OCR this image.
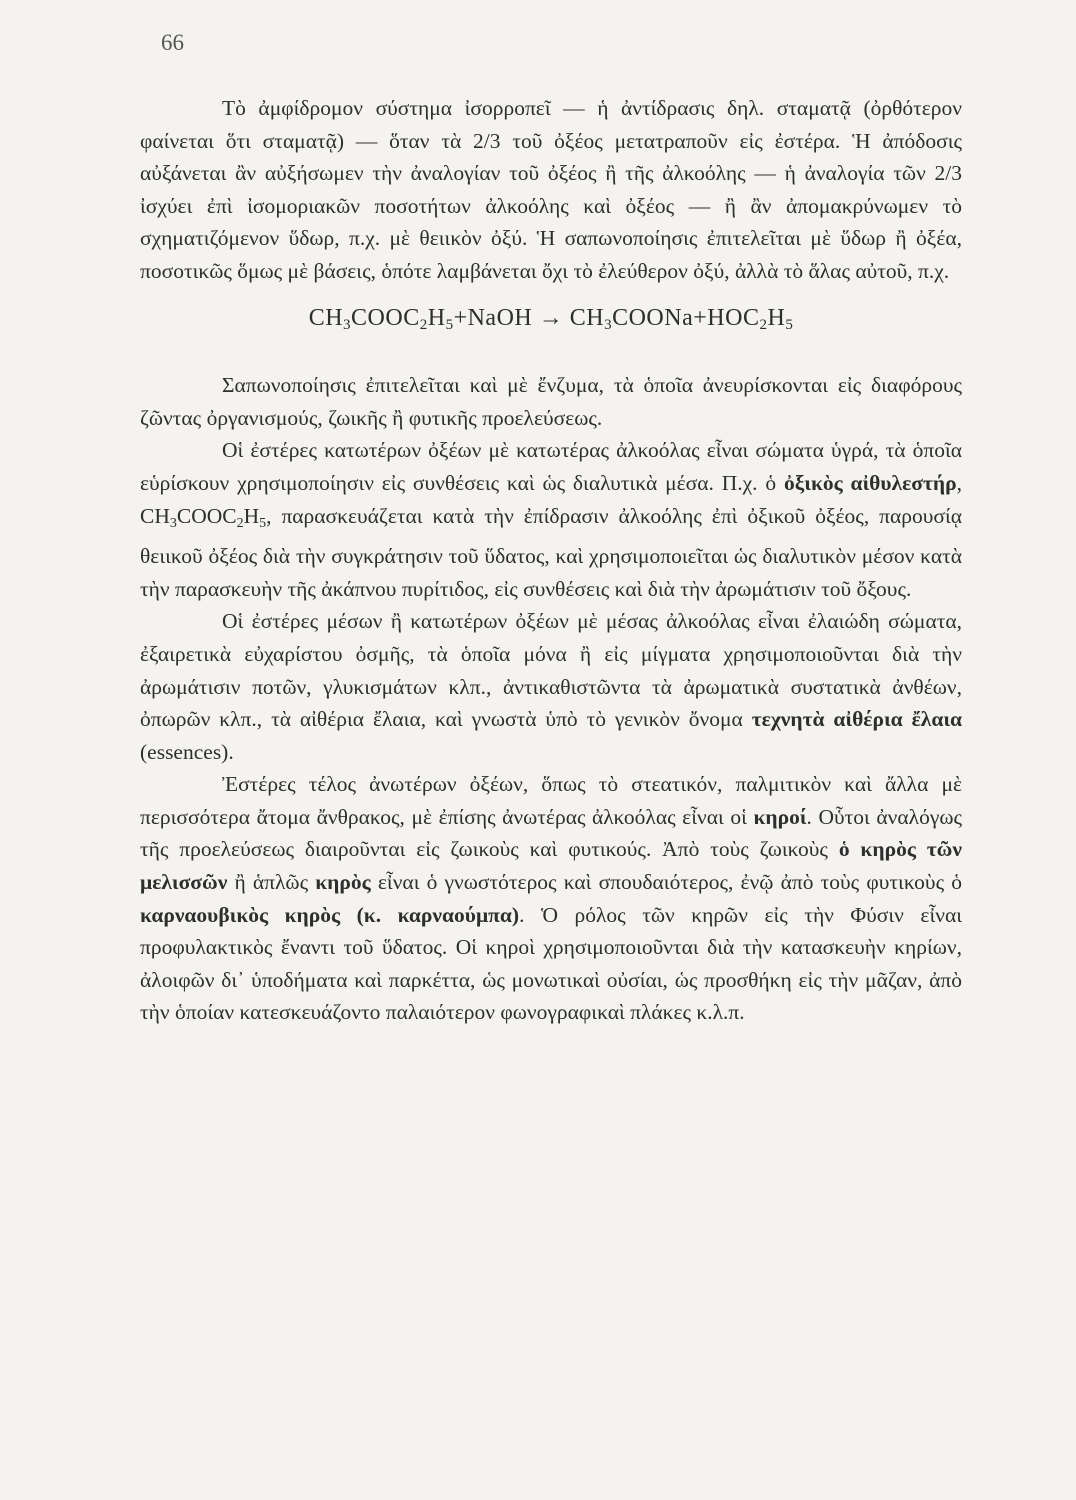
66

Τὸ ἀμφίδρομον σύστημα ἰσορροπεῖ — ἡ ἀντίδρασις δηλ. σταματᾷ (ὀρθότερον φαίνεται ὅτι σταματᾷ) — ὅταν τὰ 2/3 τοῦ ὀξέος μετατραποῦν εἰς ἐστέρα. Ἡ ἀπόδοσις αὐξάνεται ἂν αὐξήσωμεν τὴν ἀναλογίαν τοῦ ὀξέος ἢ τῆς ἀλκοόλης — ἡ ἀναλογία τῶν 2/3 ἰσχύει ἐπὶ ἰσομοριακῶν ποσοτήτων ἀλκοόλης καὶ ὀξέος — ἢ ἂν ἀπομακρύνωμεν τὸ σχηματιζόμενον ὕδωρ, π.χ. μὲ θειικὸν ὀξύ. Ἡ σαπωνοποίησις ἐπιτελεῖται μὲ ὕδωρ ἢ ὀξέα, ποσοτικῶς ὅμως μὲ βάσεις, ὁπότε λαμβάνεται ὄχι τὸ ἐλεύθερον ὀξύ, ἀλλὰ τὸ ἅλας αὐτοῦ, π.χ.

$CH_3COOC_2H_5+NaOH$ → $CH_3COONa+HOC_2H_5$

Σαπωνοποίησις ἐπιτελεῖται καὶ μὲ ἔνζυμα, τὰ ὁποῖα ἀνευρίσκονται εἰς διαφόρους ζῶντας ὀργανισμούς, ζωικῆς ἢ φυτικῆς προελεύσεως.

Οἱ ἐστέρες κατωτέρων ὀξέων μὲ κατωτέρας ἀλκοόλας εἶναι σώματα ὑγρά, τὰ ὁποῖα εὑρίσκουν χρησιμοποίησιν εἰς συνθέσεις καὶ ὡς διαλυτικὰ μέσα. Π.χ. ὁ ὀξικὸς αἰθυλεστήρ, CH3COOC2H5, παρασκευάζεται κατὰ τὴν ἐπίδρασιν ἀλκοόλης ἐπὶ ὀξικοῦ ὀξέος, παρουσίᾳ θειικοῦ ὀξέος διὰ τὴν συγκράτησιν τοῦ ὕδατος, καὶ χρησιμοποιεῖται ὡς διαλυτικὸν μέσον κατὰ τὴν παρασκευὴν τῆς ἀκάπνου πυρίτιδος, εἰς συνθέσεις καὶ διὰ τὴν ἀρωμάτισιν τοῦ ὄξους.

Οἱ ἐστέρες μέσων ἢ κατωτέρων ὀξέων μὲ μέσας ἀλκοόλας εἶναι ἐλαιώδη σώματα, ἐξαιρετικὰ εὐχαρίστου ὀσμῆς, τὰ ὁποῖα μόνα ἢ εἰς μίγματα χρησιμοποιοῦνται διὰ τὴν ἀρωμάτισιν ποτῶν, γλυκισμάτων κλπ., ἀντικαθιστῶντα τὰ ἀρωματικὰ συστατικὰ ἀνθέων, ὀπωρῶν κλπ., τὰ αἰθέρια ἔλαια, καὶ γνωστὰ ὑπὸ τὸ γενικὸν ὄνομα τεχνητὰ αἰθέρια ἔλαια (essences).

Ἐστέρες τέλος ἀνωτέρων ὀξέων, ὅπως τὸ στεατικόν, παλμιτικὸν καὶ ἄλλα μὲ περισσότερα ἄτομα ἄνθρακος, μὲ ἐπίσης ἀνωτέρας ἀλκοόλας εἶναι οἱ κηροί. Οὗτοι ἀναλόγως τῆς προελεύσεως διαιροῦνται εἰς ζωικοὺς καὶ φυτικούς. Ἀπὸ τοὺς ζωικοὺς ὁ κηρὸς τῶν μελισσῶν ἢ ἁπλῶς κηρὸς εἶναι ὁ γνωστότερος καὶ σπουδαιότερος, ἐνῷ ἀπὸ τοὺς φυτικοὺς ὁ καρναουβικὸς κηρὸς (κ. καρναούμπα). Ὁ ρόλος τῶν κηρῶν εἰς τὴν Φύσιν εἶναι προφυλακτικὸς ἔναντι τοῦ ὕδατος. Οἱ κηροὶ χρησιμοποιοῦνται διὰ τὴν κατασκευὴν κηρίων, ἀλοιφῶν δι᾽ ὑποδήματα καὶ παρκέττα, ὡς μονωτικαὶ οὐσίαι, ὡς προσθήκη εἰς τὴν μᾶζαν, ἀπὸ τὴν ὁποίαν κατεσκευάζοντο παλαιότερον φωνογραφικαὶ πλάκες κ.λ.π.
